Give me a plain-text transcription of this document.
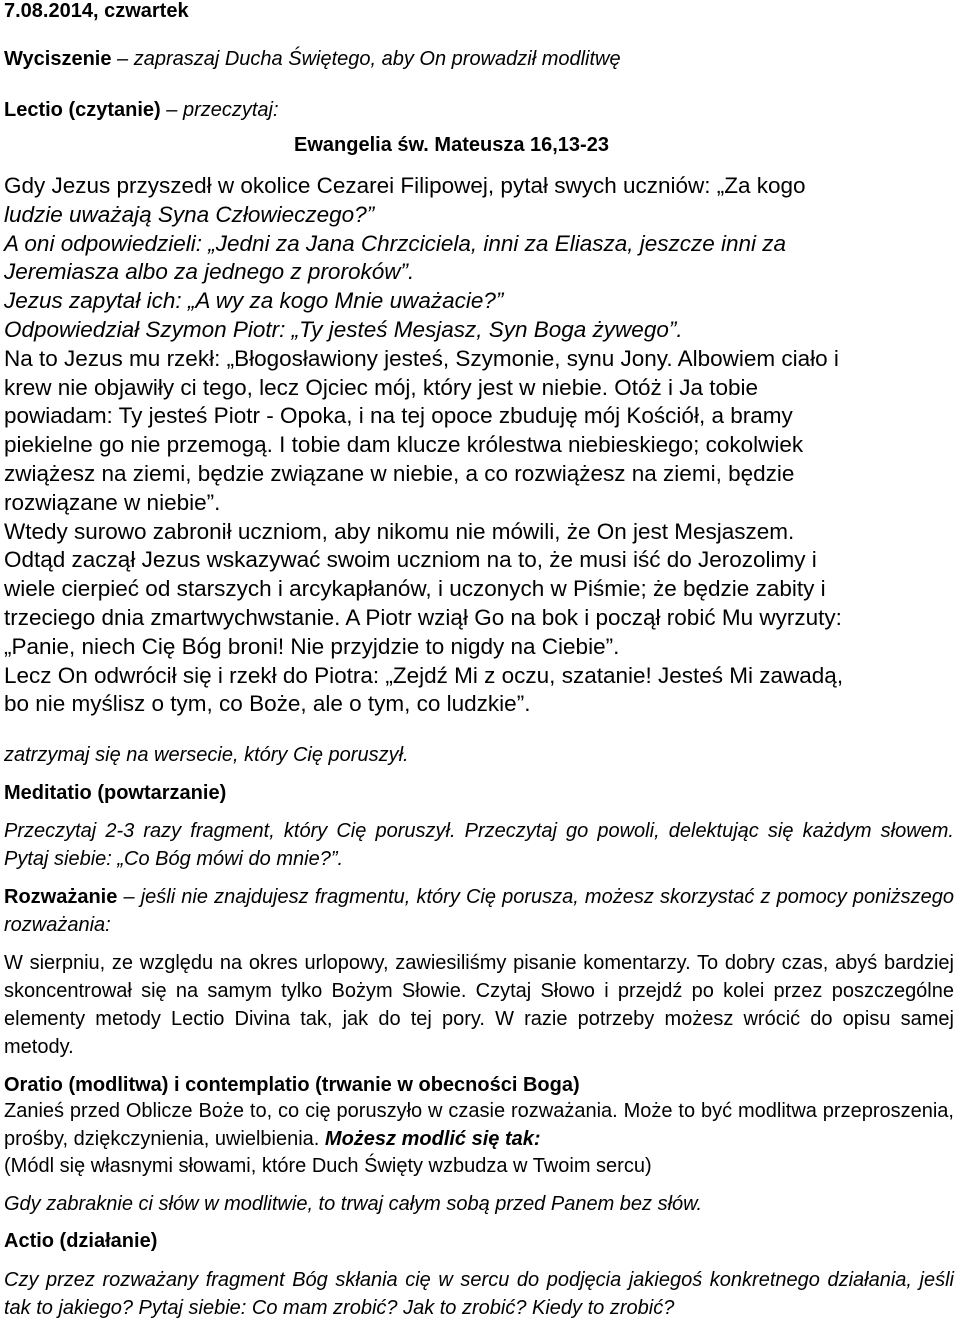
7.08.2014, czwartek
Wyciszenie – zapraszaj Ducha Świętego, aby On prowadził modlitwę
Lectio (czytanie) – przeczytaj:
Ewangelia św. Mateusza 16,13-23
Gdy Jezus przyszedł w okolice Cezarei Filipowej, pytał swych uczniów: „Za kogo
ludzie uważają Syna Człowieczego?”
A oni odpowiedzieli: „Jedni za Jana Chrzciciela, inni za Eliasza, jeszcze inni za
Jeremiasza albo za jednego z proroków”.
Jezus zapytał ich: „A wy za kogo Mnie uważacie?”
Odpowiedział Szymon Piotr: „Ty jesteś Mesjasz, Syn Boga żywego”.
Na to Jezus mu rzekł: „Błogosławiony jesteś, Szymonie, synu Jony. Albowiem ciało i
krew nie objawiły ci tego, lecz Ojciec mój, który jest w niebie. Otóż i Ja tobie
powiadam: Ty jesteś Piotr - Opoka, i na tej opoce zbuduję mój Kościół, a bramy
piekielne go nie przemogą. I tobie dam klucze królestwa niebieskiego; cokolwiek
zwiążesz na ziemi, będzie związane w niebie, a co rozwiążesz na ziemi, będzie
rozwiązane w niebie”.
Wtedy surowo zabronił uczniom, aby nikomu nie mówili, że On jest Mesjaszem.
Odtąd zaczął Jezus wskazywać swoim uczniom na to, że musi iść do Jerozolimy i
wiele cierpieć od starszych i arcykapłanów, i uczonych w Piśmie; że będzie zabity i
trzeciego dnia zmartwychwstanie. A Piotr wziął Go na bok i począł robić Mu wyrzuty:
„Panie, niech Cię Bóg broni! Nie przyjdzie to nigdy na Ciebie”.
Lecz On odwrócił się i rzekł do Piotra: „Zejdź Mi z oczu, szatanie! Jesteś Mi zawadą,
bo nie myślisz o tym, co Boże, ale o tym, co ludzkie”.
zatrzymaj się na wersecie, który Cię poruszył.
Meditatio (powtarzanie)
Przeczytaj 2-3 razy fragment, który Cię poruszył. Przeczytaj go powoli, delektując się każdym słowem. Pytaj siebie: „Co Bóg mówi do mnie?”.
Rozważanie – jeśli nie znajdujesz fragmentu, który Cię porusza, możesz skorzystać z pomocy poniższego rozważania:
W sierpniu, ze względu na okres urlopowy, zawiesiliśmy pisanie komentarzy. To dobry czas, abyś bardziej skoncentrował się na samym tylko Bożym Słowie. Czytaj Słowo i przejdź po kolei przez poszczególne elementy metody Lectio Divina tak, jak do tej pory. W razie potrzeby możesz wrócić do opisu samej metody.
Oratio (modlitwa) i contemplatio (trwanie w obecności Boga)
Zanieś przed Oblicze Boże to, co cię poruszyło w czasie rozważania. Może to być modlitwa przeproszenia, prośby, dziękczynienia, uwielbienia. Możesz modlić się tak:
(Módl się własnymi słowami, które Duch Święty wzbudza w Twoim sercu)
Gdy zabraknie ci słów w modlitwie, to trwaj całym sobą przed Panem bez słów.
Actio (działanie)
Czy przez rozważany fragment Bóg skłania cię w sercu do podjęcia jakiegoś konkretnego działania, jeśli tak to jakiego? Pytaj siebie: Co mam zrobić? Jak to zrobić? Kiedy to zrobić?
